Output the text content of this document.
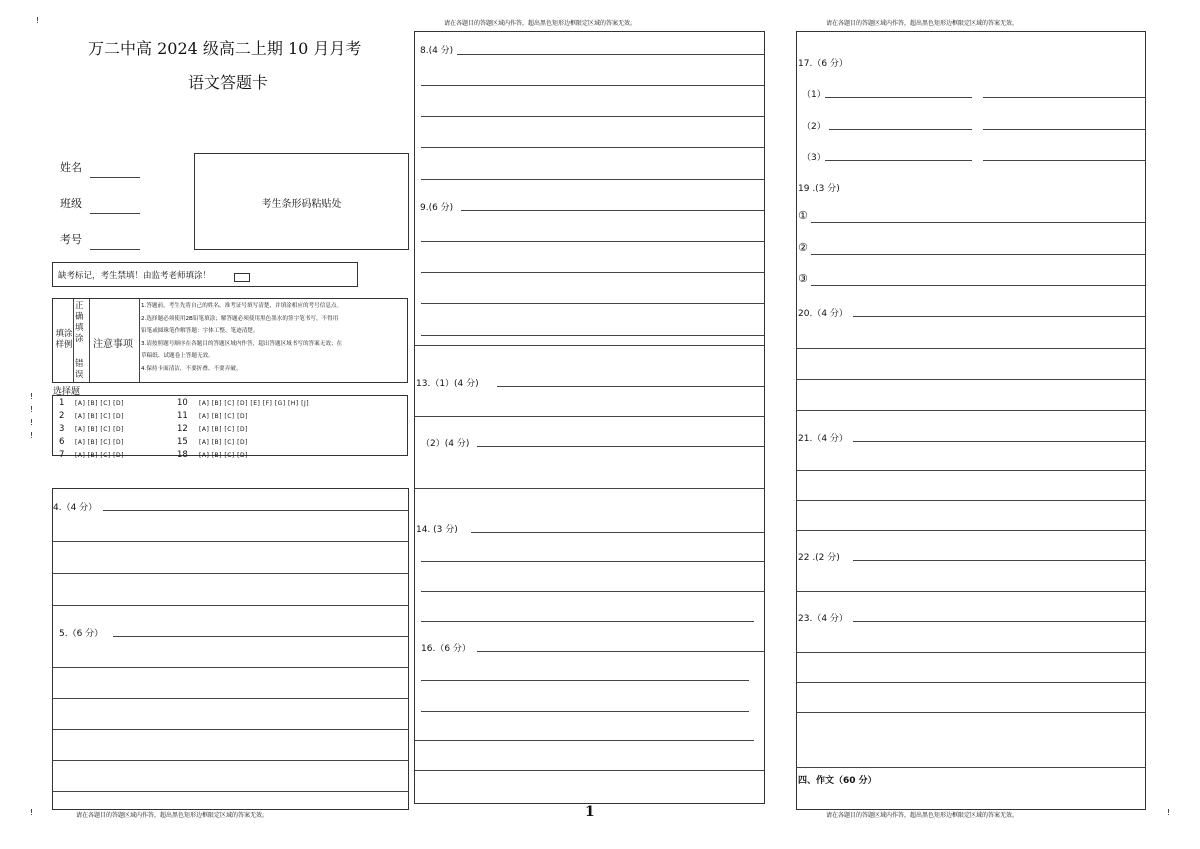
!
!
!
!
!
!	!
请在各题目的答题区域内作答，超出黑色矩形边框限定区域的答案无效。	请在各题目的答题区域内作答，超出黑色矩形边框限定区域的答案无效。
请在各题目的答题区域内作答，超出黑色矩形边框限定区域的答案无效。	请在各题目的答题区域内作答，超出黑色矩形边框限定区域的答案无效。
1
万二中高 2024 级高二上期 10 月月考
语文答题卡
姓名
班级
考号
考生条形码粘贴处
缺考标记，考生禁填！由监考老师填涂！
填涂样例
正确填涂
错误
注意事项
1.答题前，考生先将自己的姓名、准考证号填写清楚，并填涂相应的考号信息点。
2.选择题必须使用2B铅笔填涂；解答题必须使用黑色墨水的签字笔书写，不得用
铅笔或圆珠笔作解答题：字体工整、笔迹清楚。
3.请按照题号顺序在各题目的答题区域内作答，超出答题区域书写的答案无效；在
草稿纸、试题卷上答题无效。
4.保持卡面清洁，不要折叠、不要弄破。
选择题
1 [A] [B] [C] [D]
2 [A] [B] [C] [D]
3 [A] [B] [C] [D]
6 [A] [B] [C] [D]
7 [A] [B] [C] [D]
10 [A] [B] [C] [D] [E] [F] [G] [H] [J]
11 [A] [B] [C] [D]
12 [A] [B] [C] [D]
15 [A] [B] [C] [D]
18 [A] [B] [C] [D]
4.（4 分）
5.（6 分）
8.(4 分)
9.(6 分)
13.（1）(4 分)
（2）(4 分)
14. (3 分)
16.（6 分）
17.（6 分）
（1）
（2）
（3）
19 .(3 分)
①
②
③
20.（4 分）
21.（4 分）
22 .(2 分)
23.（4 分）
四、作文（60 分）
